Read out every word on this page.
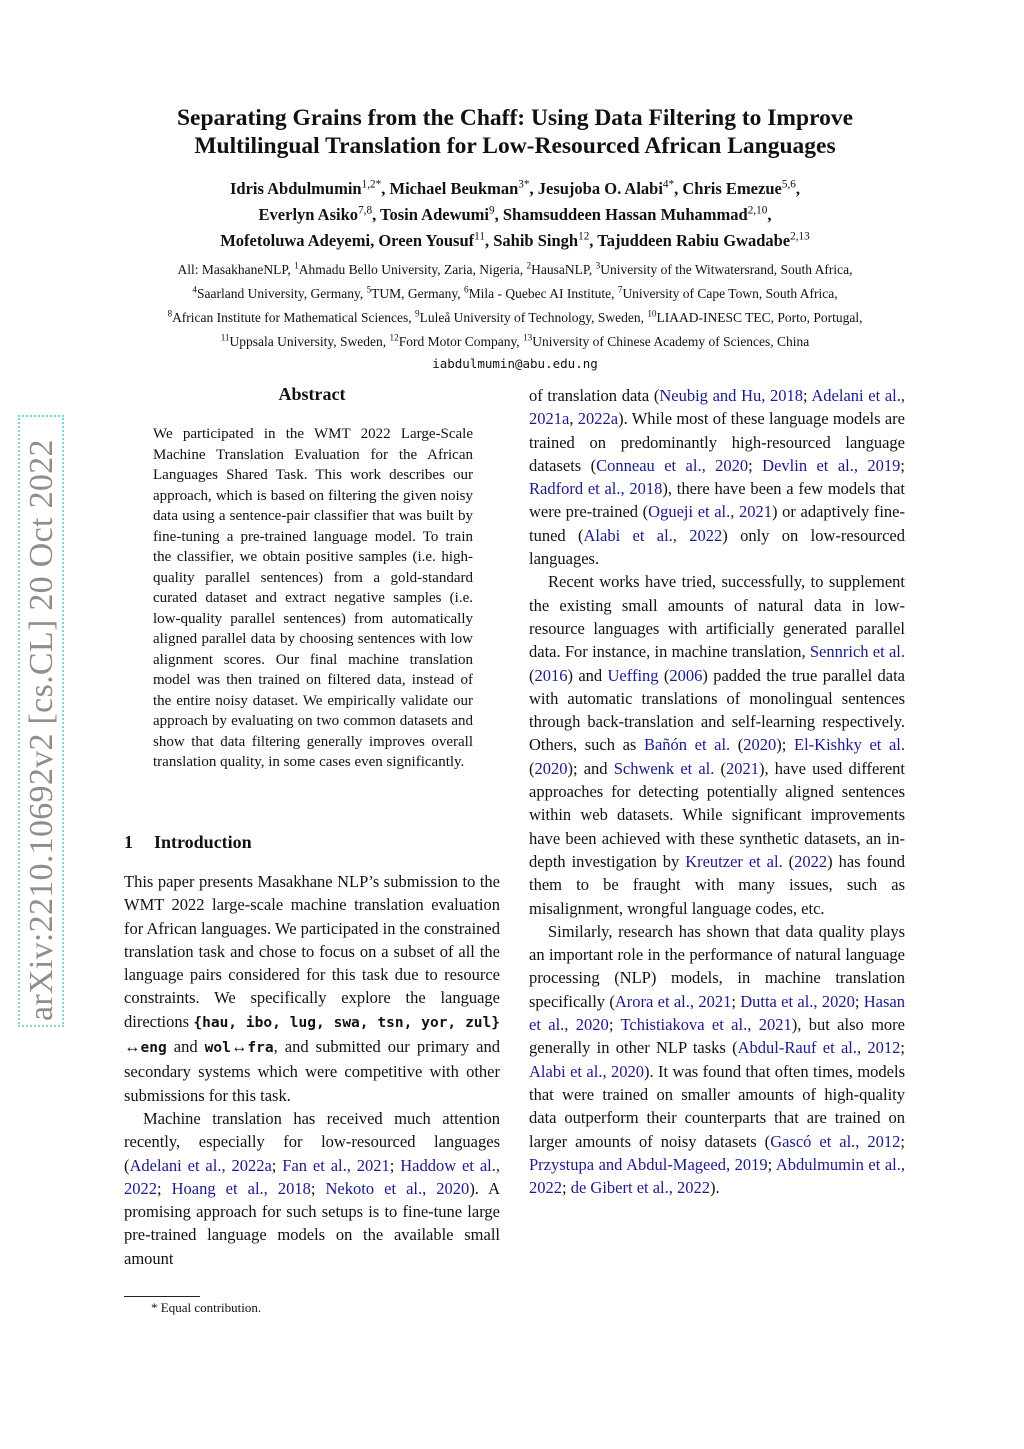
arXiv:2210.10692v2 [cs.CL] 20 Oct 2022
Separating Grains from the Chaff: Using Data Filtering to Improve
Multilingual Translation for Low-Resourced African Languages
Idris Abdulmumin$^{1,2*}$, Michael Beukman$^{3*}$, Jesujoba O. Alabi$^{4*}$, Chris Emezue$^{5,6}$,
Everlyn Asiko$^{7,8}$, Tosin Adewumi$^9$, Shamsuddeen Hassan Muhammad$^{2,10}$,
Mofetoluwa Adeyemi, Oreen Yousuf$^{11}$, Sahib Singh$^{12}$, Tajuddeen Rabiu Gwadabe$^{2,13}$
All: MasakhaneNLP, $^1$Ahmadu Bello University, Zaria, Nigeria, $^2$HausaNLP, $^3$University of the Witwatersrand, South Africa,
$^4$Saarland University, Germany, $^5$TUM, Germany, $^6$Mila - Quebec AI Institute, $^7$University of Cape Town, South Africa,
$^8$African Institute for Mathematical Sciences, $^9$Luleå University of Technology, Sweden, $^{10}$LIAAD-INESC TEC, Porto, Portugal,
$^{11}$Uppsala University, Sweden, $^{12}$Ford Motor Company, $^{13}$University of Chinese Academy of Sciences, China
iabdulmumin@abu.edu.ng
Abstract
We participated in the WMT 2022 Large-Scale Machine Translation Evaluation for the African Languages Shared Task. This work describes our approach, which is based on filtering the given noisy data using a sentence-pair classifier that was built by fine-tuning a pre-trained language model. To train the classifier, we obtain positive samples (i.e. high-quality parallel sentences) from a gold-standard curated dataset and extract negative samples (i.e. low-quality parallel sentences) from automatically aligned parallel data by choosing sentences with low alignment scores. Our final machine translation model was then trained on filtered data, instead of the entire noisy dataset. We empirically validate our approach by evaluating on two common datasets and show that data filtering generally improves overall translation quality, in some cases even significantly.
1 Introduction

This paper presents Masakhane NLP’s submission to the WMT 2022 large-scale machine translation evaluation for African languages. We participated in the constrained translation task and chose to focus on a subset of all the language pairs considered for this task due to resource constraints. We specifically explore the language directions {hau, ibo, lug, swa, tsn, yor, zul}↔eng and wol↔fra, and submitted our primary and secondary systems which were competitive with other submissions for this task.

Machine translation has received much attention recently, especially for low-resourced languages (Adelani et al., 2022a; Fan et al., 2021; Haddow et al., 2022; Hoang et al., 2018; Nekoto et al., 2020). A promising approach for such setups is to fine-tune large pre-trained language models on the available small amount

of translation data (Neubig and Hu, 2018; Adelani et al., 2021a, 2022a). While most of these language models are trained on predominantly high-resourced language datasets (Conneau et al., 2020; Devlin et al., 2019; Radford et al., 2018), there have been a few models that were pre-trained (Ogueji et al., 2021) or adaptively fine-tuned (Alabi et al., 2022) only on low-resourced languages.

Recent works have tried, successfully, to supplement the existing small amounts of natural data in low-resource languages with artificially generated parallel data. For instance, in machine translation, Sennrich et al. (2016) and Ueffing (2006) padded the true parallel data with automatic translations of monolingual sentences through back-translation and self-learning respectively. Others, such as Bañón et al. (2020); El-Kishky et al. (2020); and Schwenk et al. (2021), have used different approaches for detecting potentially aligned sentences within web datasets. While significant improvements have been achieved with these synthetic datasets, an in-depth investigation by Kreutzer et al. (2022) has found them to be fraught with many issues, such as misalignment, wrongful language codes, etc.

Similarly, research has shown that data quality plays an important role in the performance of natural language processing (NLP) models, in machine translation specifically (Arora et al., 2021; Dutta et al., 2020; Hasan et al., 2020; Tchistiakova et al., 2021), but also more generally in other NLP tasks (Abdul-Rauf et al., 2012; Alabi et al., 2020). It was found that often times, models that were trained on smaller amounts of high-quality data outperform their counterparts that are trained on larger amounts of noisy datasets (Gascó et al., 2012; Przystupa and Abdul-Mageed, 2019; Abdulmumin et al., 2022; de Gibert et al., 2022).

* Equal contribution.
